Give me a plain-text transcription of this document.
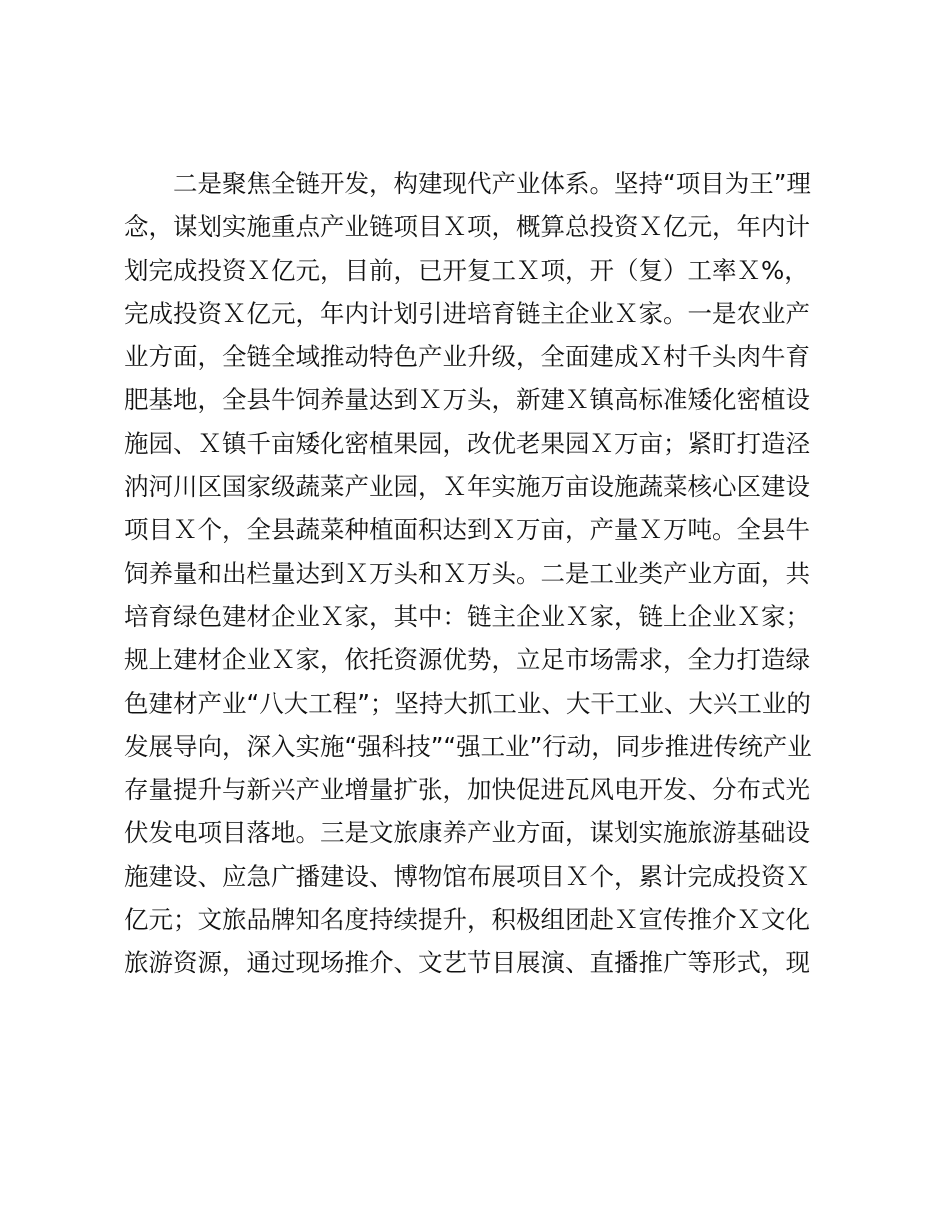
二是聚焦全链开发，构建现代产业体系。坚持“项目为王”理
念，谋划实施重点产业链项目Ｘ项，概算总投资Ｘ亿元，年内计
划完成投资Ｘ亿元，目前，已开复工Ｘ项，开（复）工率Ｘ%，
完成投资Ｘ亿元，年内计划引进培育链主企业Ｘ家。一是农业产
业方面，全链全域推动特色产业升级，全面建成Ｘ村千头肉牛育
肥基地，全县牛饲养量达到Ｘ万头，新建Ｘ镇高标准矮化密植设
施园、Ｘ镇千亩矮化密植果园，改优老果园Ｘ万亩；紧盯打造泾
汭河川区国家级蔬菜产业园，Ｘ年实施万亩设施蔬菜核心区建设
项目Ｘ个，全县蔬菜种植面积达到Ｘ万亩，产量Ｘ万吨。全县牛
饲养量和出栏量达到Ｘ万头和Ｘ万头。二是工业类产业方面，共
培育绿色建材企业Ｘ家，其中：链主企业Ｘ家，链上企业Ｘ家；
规上建材企业Ｘ家，依托资源优势，立足市场需求，全力打造绿
色建材产业“八大工程”；坚持大抓工业、大干工业、大兴工业的
发展导向，深入实施“强科技”“强工业”行动，同步推进传统产业
存量提升与新兴产业增量扩张，加快促进瓦风电开发、分布式光
伏发电项目落地。三是文旅康养产业方面，谋划实施旅游基础设
施建设、应急广播建设、博物馆布展项目Ｘ个，累计完成投资Ｘ
亿元；文旅品牌知名度持续提升，积极组团赴Ｘ宣传推介Ｘ文化
旅游资源，通过现场推介、文艺节目展演、直播推广等形式，现
